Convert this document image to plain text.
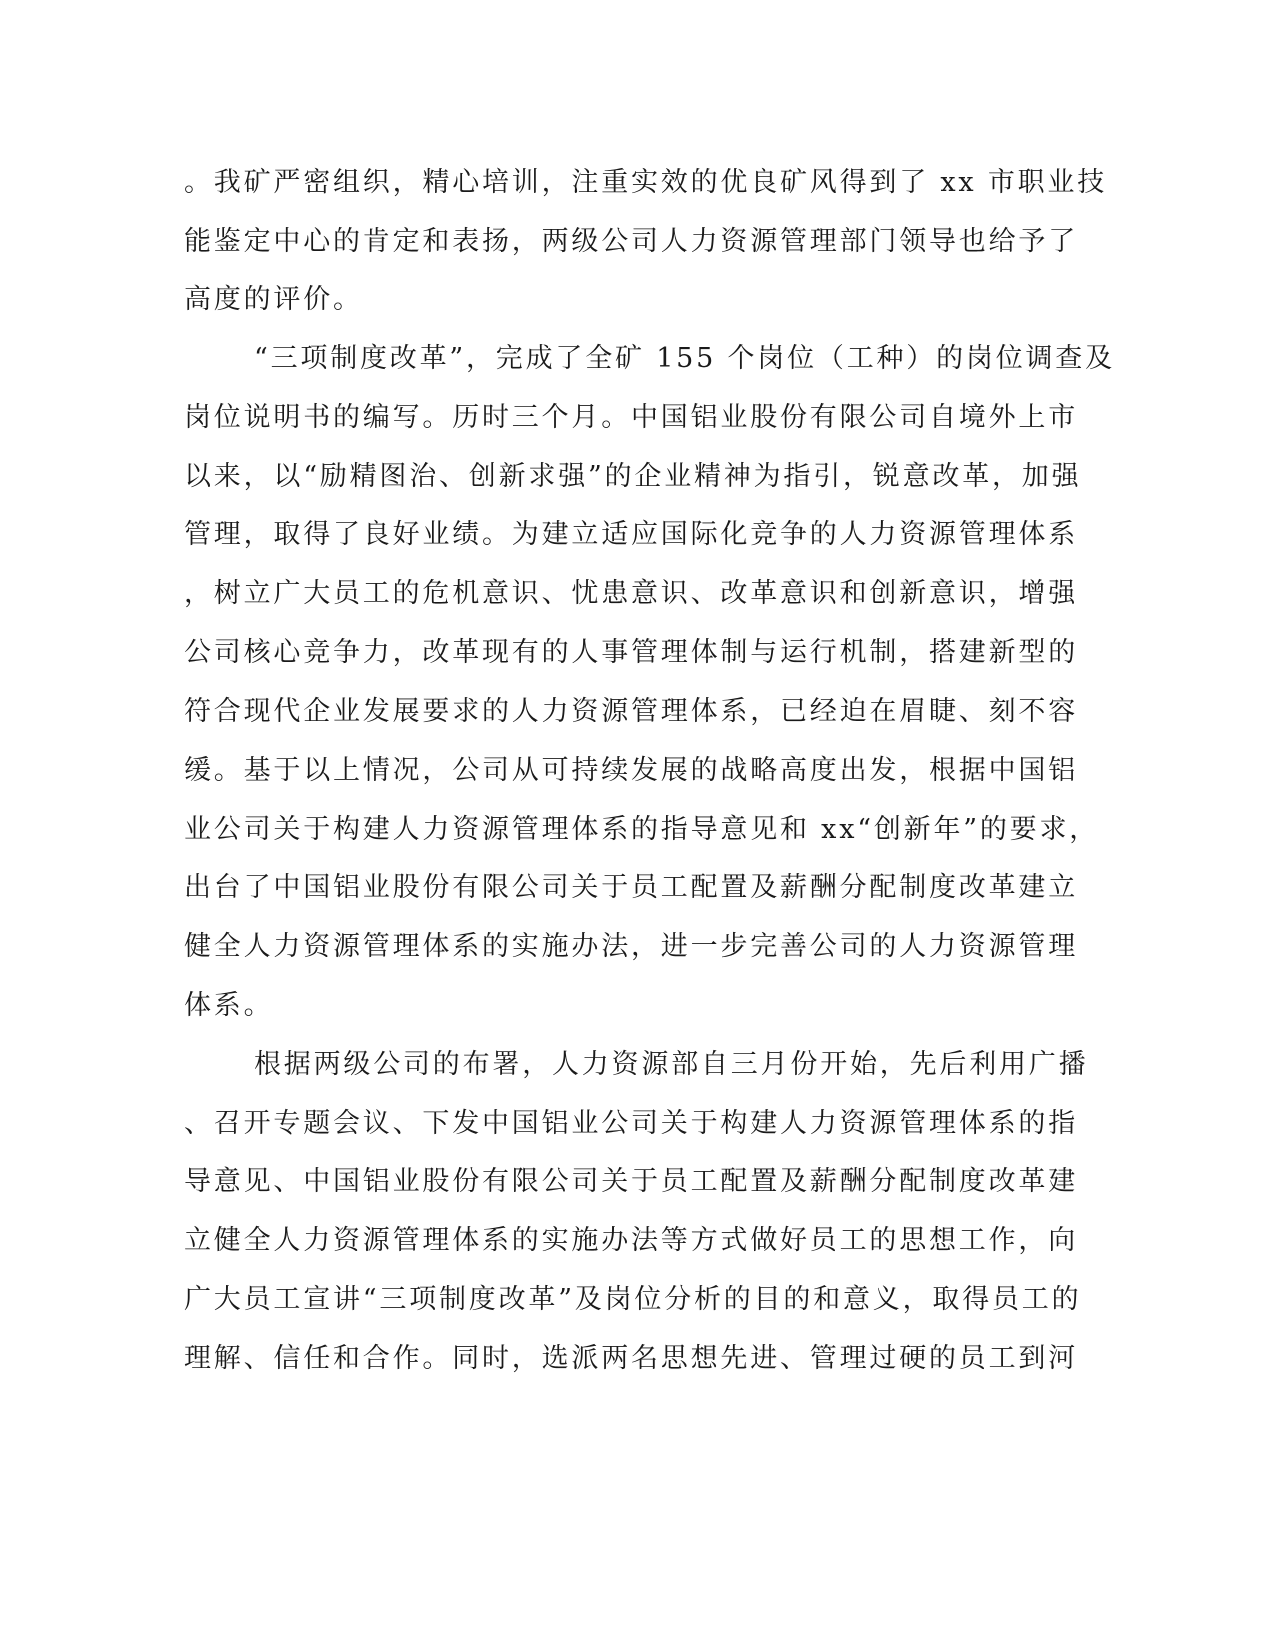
。我矿严密组织，精心培训，注重实效的优良矿风得到了 xx 市职业技
能鉴定中心的肯定和表扬，两级公司人力资源管理部门领导也给予了
高度的评价。
“三项制度改革”，完成了全矿 155 个岗位（工种）的岗位调查及
岗位说明书的编写。历时三个月。中国铝业股份有限公司自境外上市
以来，以“励精图治、创新求强”的企业精神为指引，锐意改革，加强
管理，取得了良好业绩。为建立适应国际化竞争的人力资源管理体系
，树立广大员工的危机意识、忧患意识、改革意识和创新意识，增强
公司核心竞争力，改革现有的人事管理体制与运行机制，搭建新型的
符合现代企业发展要求的人力资源管理体系，已经迫在眉睫、刻不容
缓。基于以上情况，公司从可持续发展的战略高度出发，根据中国铝
业公司关于构建人力资源管理体系的指导意见和 xx“创新年”的要求，
出台了中国铝业股份有限公司关于员工配置及薪酬分配制度改革建立
健全人力资源管理体系的实施办法，进一步完善公司的人力资源管理
体系。
根据两级公司的布署，人力资源部自三月份开始，先后利用广播
、召开专题会议、下发中国铝业公司关于构建人力资源管理体系的指
导意见、中国铝业股份有限公司关于员工配置及薪酬分配制度改革建
立健全人力资源管理体系的实施办法等方式做好员工的思想工作，向
广大员工宣讲“三项制度改革”及岗位分析的目的和意义，取得员工的
理解、信任和合作。同时，选派两名思想先进、管理过硬的员工到河
